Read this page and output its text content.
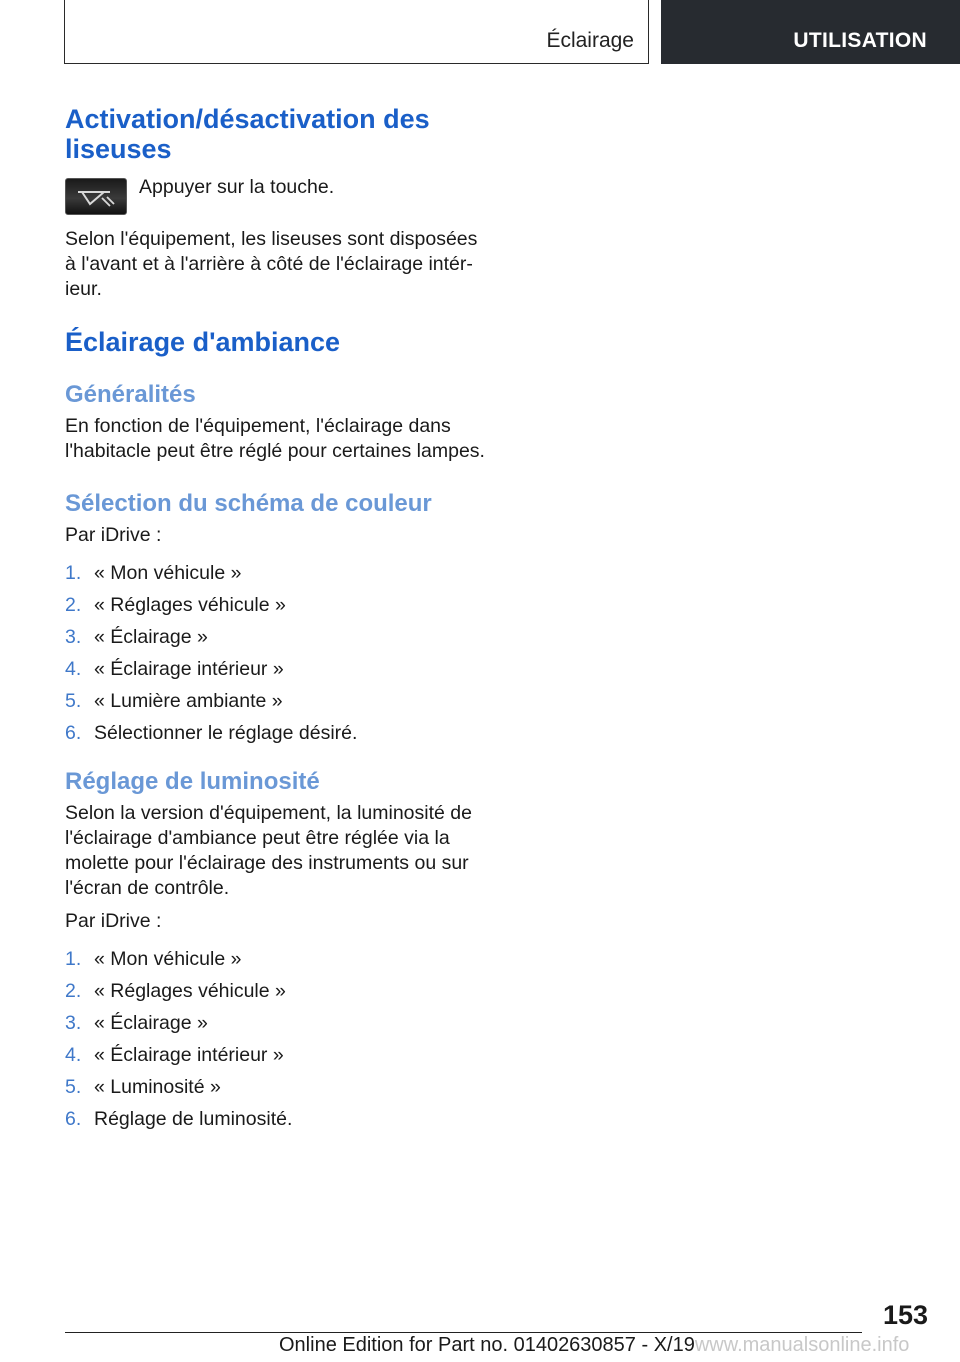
Éclairage	UTILISATION
Activation/désactivation des liseuses

Appuyer sur la touche.

Selon l'équipement, les liseuses sont disposées à l'avant et à l'arrière à côté de l'éclairage intérieur.

Éclairage d'ambiance
Généralités

En fonction de l'équipement, l'éclairage dans l'habitacle peut être réglé pour certaines lampes.

Sélection du schéma de couleur

Par iDrive :

1. « Mon véhicule »
2. « Réglages véhicule »
3. « Éclairage »
4. « Éclairage intérieur »
5. « Lumière ambiante »
6. Sélectionner le réglage désiré.
Réglage de luminosité

Selon la version d'équipement, la luminosité de l'éclairage d'ambiance peut être réglée via la molette pour l'éclairage des instruments ou sur l'écran de contrôle.

Par iDrive :

1. « Mon véhicule »
2. « Réglages véhicule »
3. « Éclairage »
4. « Éclairage intérieur »
5. « Luminosité »
6. Réglage de luminosité.
153
Online Edition for Part no. 01402630857 - X/19www.manualsonline.info
